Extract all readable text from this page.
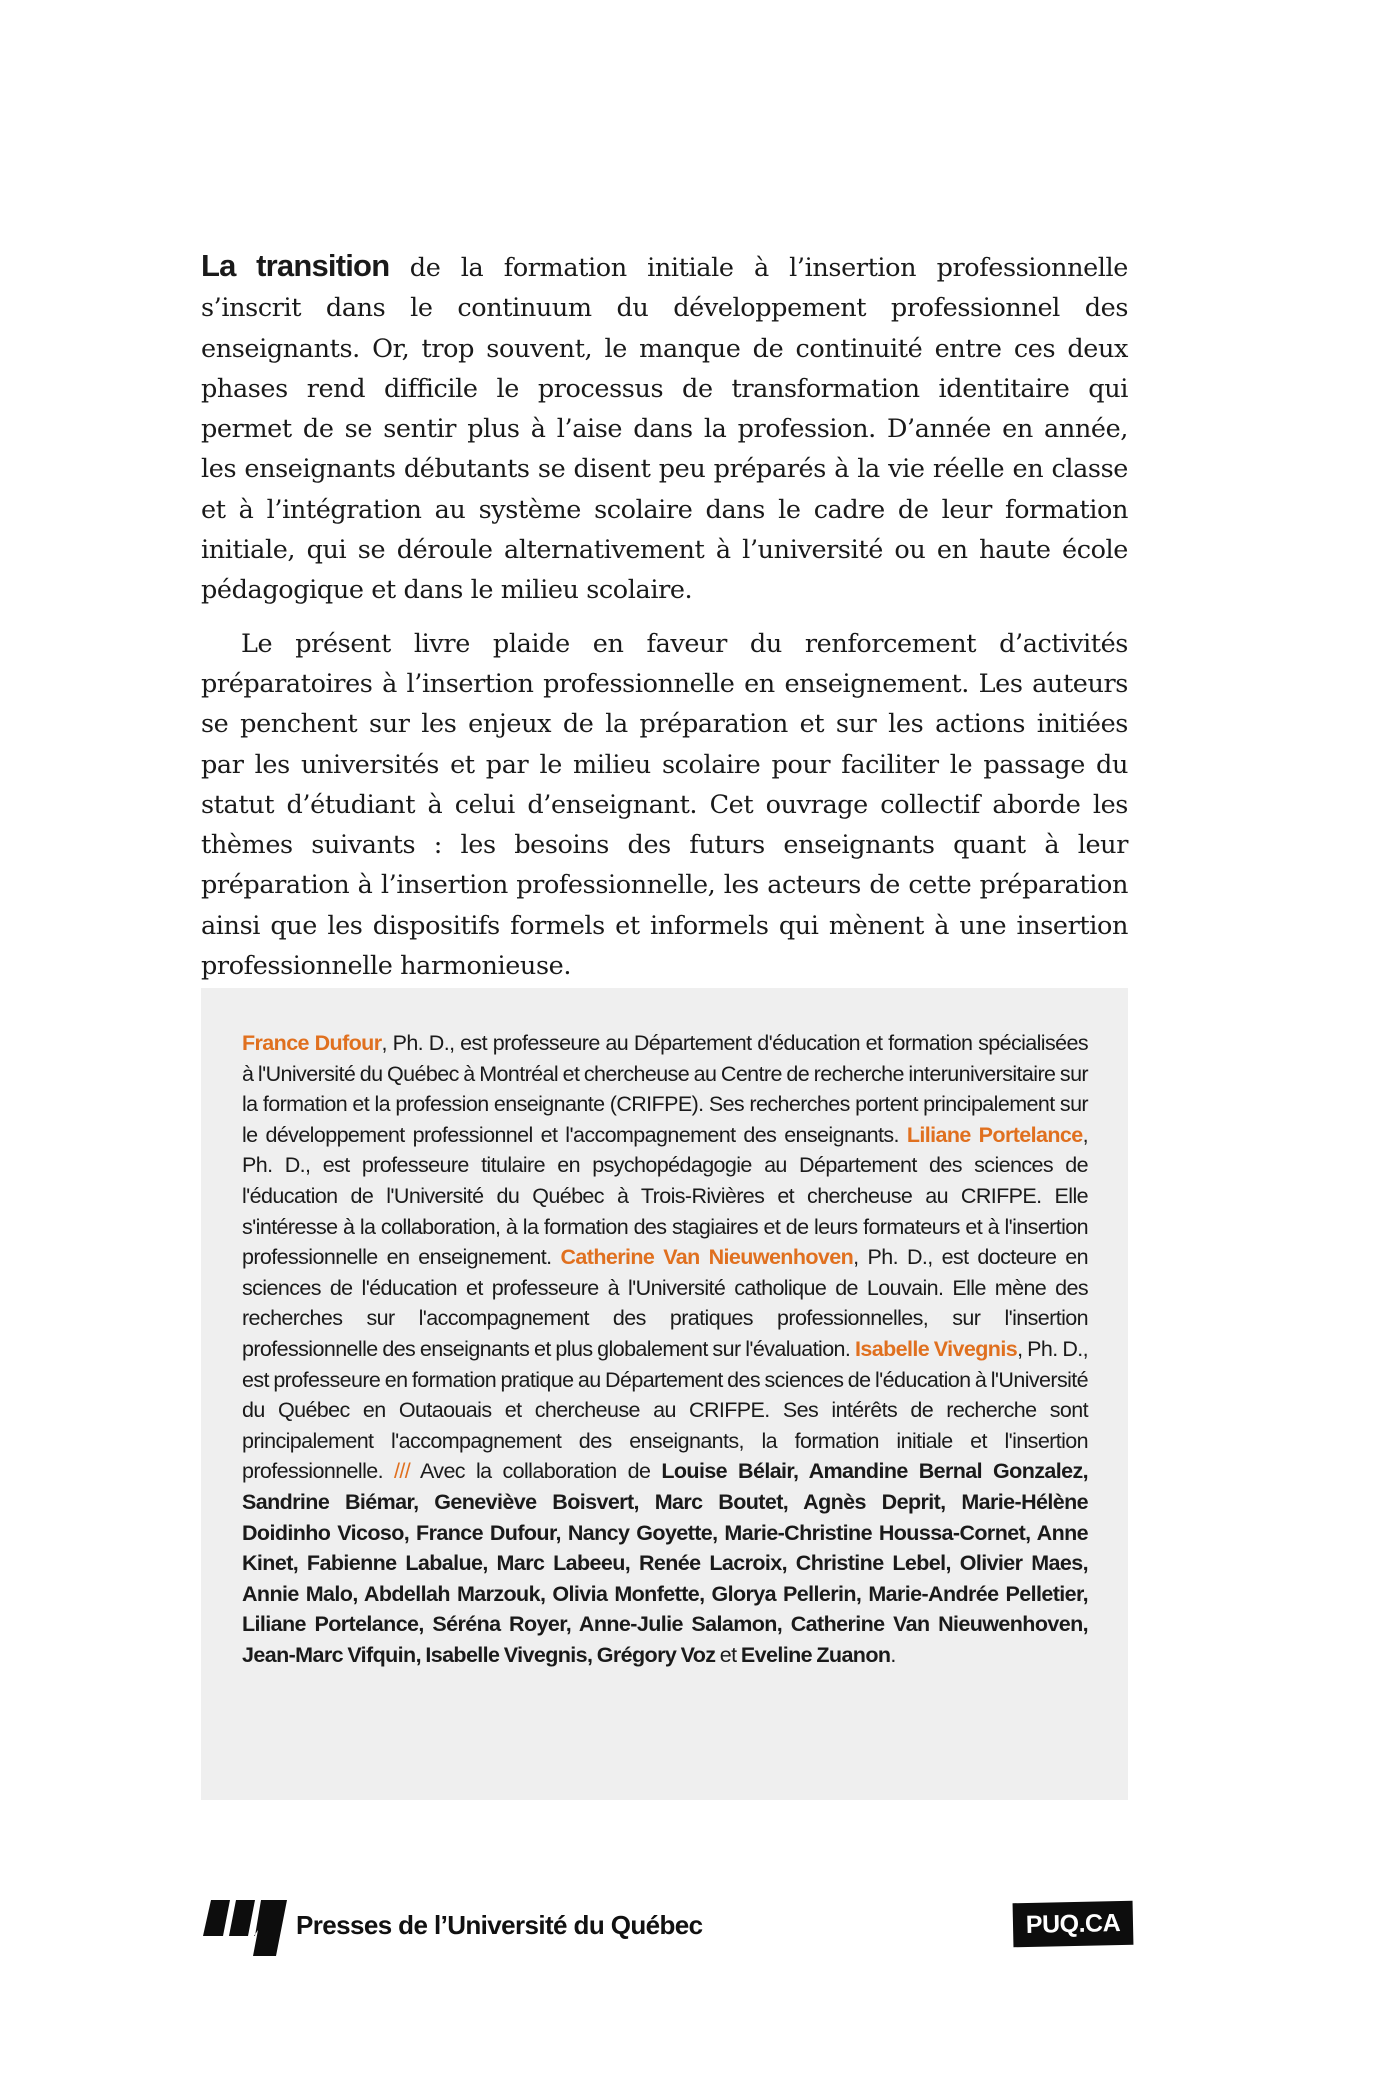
La transition de la formation initiale à l’insertion professionnelle s’inscrit dans le continuum du développement professionnel des enseignants. Or, trop souvent, le manque de continuité entre ces deux phases rend difficile le processus de transformation identitaire qui permet de se sentir plus à l’aise dans la profession. D’année en année, les enseignants débutants se disent peu préparés à la vie réelle en classe et à l’intégration au système scolaire dans le cadre de leur formation initiale, qui se déroule alternativement à l’université ou en haute école pédagogique et dans le milieu scolaire.

Le présent livre plaide en faveur du renforcement d’activités préparatoires à l’insertion professionnelle en enseignement. Les auteurs se penchent sur les enjeux de la préparation et sur les actions initiées par les universités et par le milieu scolaire pour faciliter le passage du statut d’étudiant à celui d’enseignant. Cet ouvrage collectif aborde les thèmes suivants : les besoins des futurs enseignants quant à leur préparation à l’insertion professionnelle, les acteurs de cette préparation ainsi que les dispositifs formels et informels qui mènent à une insertion professionnelle harmonieuse.

France Dufour, Ph. D., est professeure au Département d'éducation et formation spécialisées à l'Université du Québec à Montréal et chercheuse au Centre de recherche interuniversitaire sur la formation et la profession enseignante (CRIFPE). Ses recherches portent principalement sur le développement professionnel et l'accompagnement des enseignants. Liliane Portelance, Ph. D., est professeure titulaire en psychopédagogie au Département des sciences de l'éducation de l'Université du Québec à Trois-Rivières et chercheuse au CRIFPE. Elle s'intéresse à la collaboration, à la formation des stagiaires et de leurs formateurs et à l'insertion professionnelle en enseignement. Catherine Van Nieuwenhoven, Ph. D., est docteure en sciences de l'éducation et professeure à l'Université catholique de Louvain. Elle mène des recherches sur l'accompagnement des pratiques professionnelles, sur l'insertion professionnelle des enseignants et plus globalement sur l'évaluation. Isabelle Vivegnis, Ph. D., est professeure en formation pratique au Département des sciences de l'éducation à l'Université du Québec en Outaouais et chercheuse au CRIFPE. Ses intérêts de recherche sont principalement l'accompagnement des enseignants, la formation initiale et l'insertion professionnelle. /// Avec la collaboration de Louise Bélair, Amandine Bernal Gonzalez, Sandrine Biémar, Geneviève Boisvert, Marc Boutet, Agnès Deprit, Marie-Hélène Doidinho Vicoso, France Dufour, Nancy Goyette, Marie-Christine Houssa-Cornet, Anne Kinet, Fabienne Labalue, Marc Labeeu, Renée Lacroix, Christine Lebel, Olivier Maes, Annie Malo, Abdellah Marzouk, Olivia Monfette, Glorya Pellerin, Marie-Andrée Pelletier, Liliane Portelance, Séréna Royer, Anne-Julie Salamon, Catherine Van Nieuwenhoven, Jean-Marc Vifquin, Isabelle Vivegnis, Grégory Voz et Eveline Zuanon.
Presses de l’Université du Québec	PUQ.CA
